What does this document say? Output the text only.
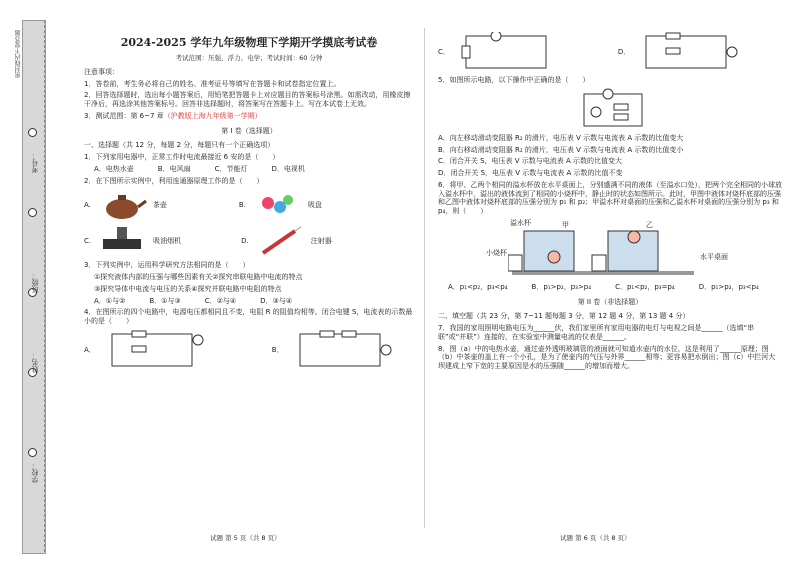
学校：
姓名：
班级：
考号：
密封线内不要答题	2024-2025 学年九年级物理下学期开学摸底考试卷
考试范围：压强、浮力、电学；考试时间：60 分钟

注意事项：

1．答卷前，考生务必将自己的姓名、准考证号等填写在答题卡和试卷指定位置上。

2．回答选择题时，选出每小题答案后，用铅笔把答题卡上对应题目的答案标号涂黑。如需改动，用橡皮擦干净后，再选涂其他答案标号。回答非选择题时，将答案写在答题卡上。写在本试卷上无效。

3．测试范围：第 6~7 章（沪教版上海九年级第一学期）

第 I 卷（选择题）

一、选择题（共 12 分，每题 2 分，每题只有一个正确选项）

1．下列家用电器中，正常工作时电流最接近 6 安的是（　　）

A．电热水壶	B．电风扇	C．节能灯	D．电视机

2．在下图所示实例中，利用连通器原理工作的是（　　）

A.	茶壶	B.	吸盘
C.	吸油烟机	D.	注射器

3．下列实例中，运用科学研究方法相同的是（　　）

①探究液体内部的压强与哪些因素有关②探究串联电路中电流的特点

③探究导体中电流与电压的关系④探究并联电路中电阻的特点

A．①与②	B．①与③	C．②与④	D．③与④

4．在图所示的四个电路中，电源电压都相同且不变，电阻 R 的阻值均相等。闭合电键 S，电流表的示数最小的是（　　）

A．	B．
C．	D．

5．如图所示电路，以下操作中正确的是（　　）

A．向左移动滑动变阻器 R₂ 的滑片，电压表 V 示数与电流表 A 示数的比值变大

B．向右移动滑动变阻器 R₂ 的滑片，电压表 V 示数与电流表 A 示数的比值变小

C．闭合开关 S，电压表 V 示数与电流表 A 示数的比值变大

D．闭合开关 S，电压表 V 示数与电流表 A 示数的比值不变

6．将甲、乙两个相同的溢水杯放在水平桌面上，分别盛满不同的液体（至溢水口处），把两个完全相同的小球放入溢水杯中，溢出的液体流到了相同的小烧杯中，静止时的状态如图所示。此时，甲图中液体对烧杯底部的压强和乙图中液体对烧杯底部的压强分别为 p₁ 和 p₂；甲溢水杯对桌面的压强和乙溢水杯对桌面的压强分别为 p₃ 和 p₄，则（　　）

溢水杯	甲	乙
小烧杯	水平桌面
A．p₁<p₂，p₃<p₄	B．p₁>p₂，p₃>p₄	C．p₁<p₂，p₃=p₄	D．p₁>p₂，p₃<p₄
第 II 卷（非选择题）

二、填空题（共 23 分，第 7~11 题每题 3 分，第 12 题 4 分，第 13 题 4 分）

7．我国的家用照明电路电压为______伏，我们家里所有家用电器的电灯与电视之间是______（选填“串联”或“并联”）连接的，在实验室中测量电流的仪表是______。

8．图（a）中的电热水壶，通过壶外透明玻璃管的液面就可知道水壶内的水位，这是利用了______原理；图（b）中茶壶的盖上有一个小孔，是为了使壶内的气压与外界______相等；更容易把水倒出；图（c）中拦河大坝建成上窄下宽的主要原因是水的压强随______的增加而增大。

试题 第 5 页（共 8 页）	试题 第 6 页（共 8 页）
